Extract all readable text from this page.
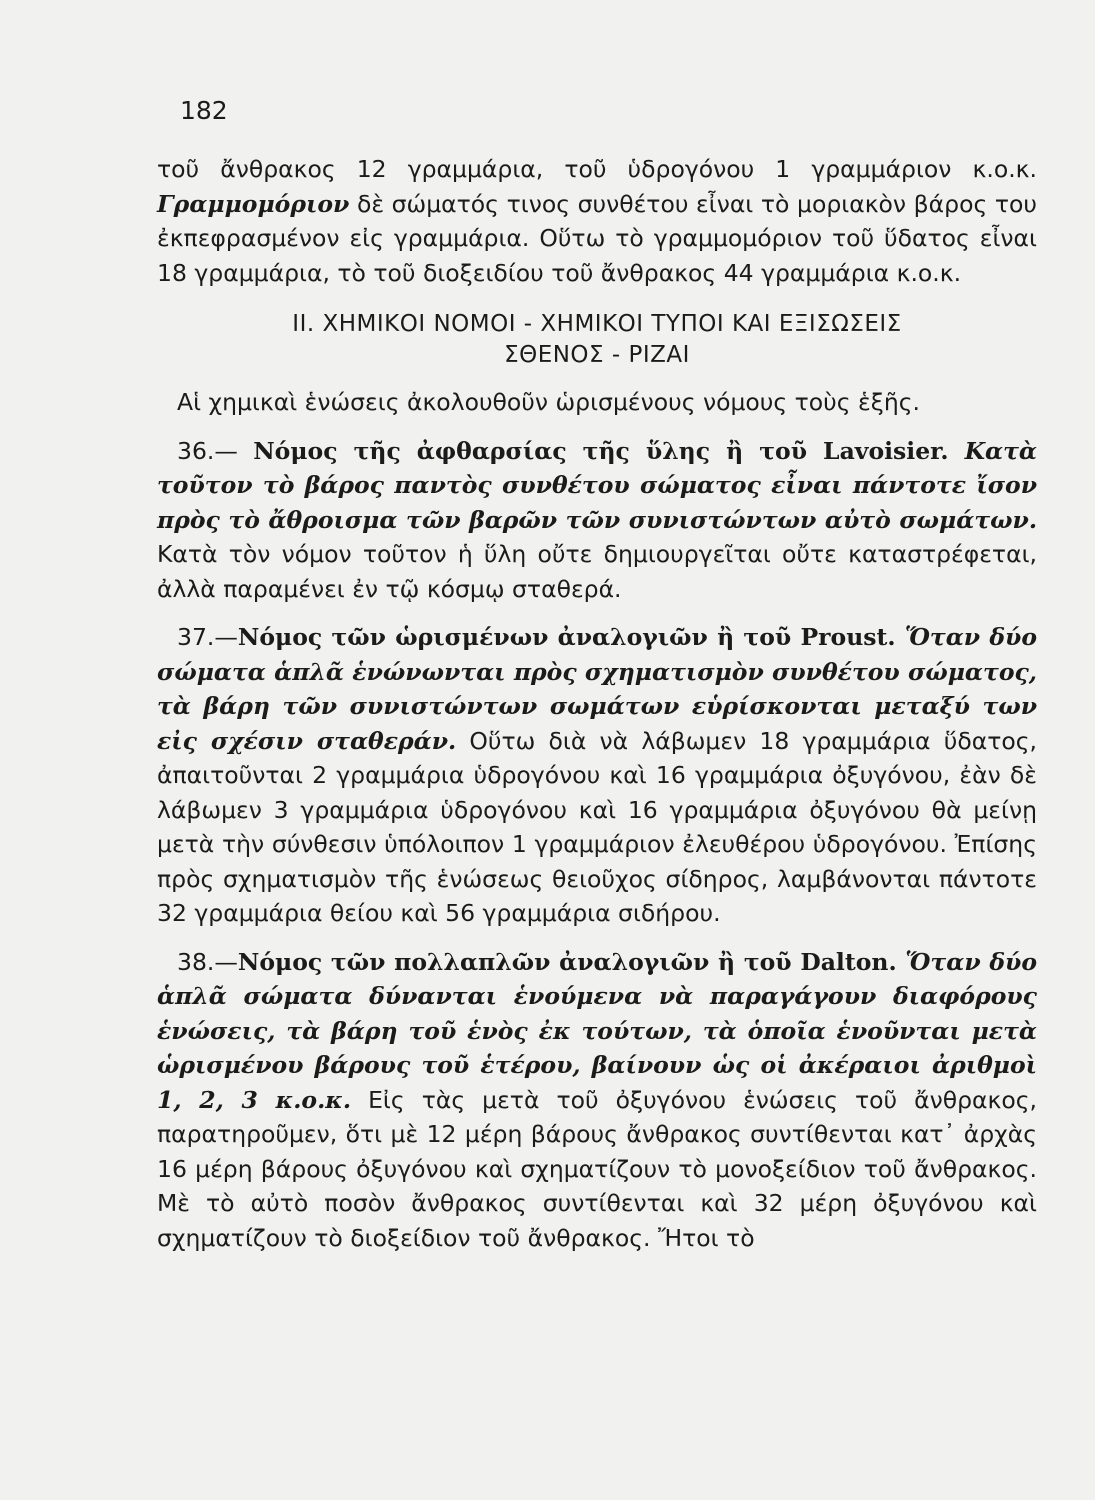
182

τοῦ ἄνθρακος 12 γραμμάρια, τοῦ ὑδρογόνου 1 γραμμάριον κ.ο.κ. Γραμμομόριον δὲ σώματός τινος συνθέτου εἶναι τὸ μοριακὸν βάρος του ἐκπεφρασμένον εἰς γραμμάρια. Οὕτω τὸ γραμμομόριον τοῦ ὕδατος εἶναι 18 γραμμάρια, τὸ τοῦ διοξειδίου τοῦ ἄνθρακος 44 γραμμάρια κ.ο.κ.

ΙΙ. ΧΗΜΙΚΟΙ ΝΟΜΟΙ - ΧΗΜΙΚΟΙ ΤΥΠΟΙ ΚΑΙ ΕΞΙΣΩΣΕΙΣ
ΣΘΕΝΟΣ - ΡΙΖΑΙ

Αἱ χημικαὶ ἑνώσεις ἀκολουθοῦν ὡρισμένους νόμους τοὺς ἑξῆς.

36.— Νόμος τῆς ἀφθαρσίας τῆς ὕλης ἢ τοῦ Lavoisier. Κατὰ τοῦτον τὸ βάρος παντὸς συνθέτου σώματος εἶναι πάντοτε ἴσον πρὸς τὸ ἄθροισμα τῶν βαρῶν τῶν συνιστώντων αὐτὸ σωμάτων. Κατὰ τὸν νόμον τοῦτον ἡ ὕλη οὔτε δημιουργεῖται οὔτε καταστρέφεται, ἀλλὰ παραμένει ἐν τῷ κόσμῳ σταθερά.

37.—Νόμος τῶν ὡρισμένων ἀναλογιῶν ἢ τοῦ Proust. Ὅταν δύο σώματα ἁπλᾶ ἑνώνωνται πρὸς σχηματισμὸν συνθέτου σώματος, τὰ βάρη τῶν συνιστώντων σωμάτων εὑρίσκονται μεταξύ των εἰς σχέσιν σταθεράν. Οὕτω διὰ νὰ λάβωμεν 18 γραμμάρια ὕδατος, ἀπαιτοῦνται 2 γραμμάρια ὑδρογόνου καὶ 16 γραμμάρια ὀξυγόνου, ἐὰν δὲ λάβωμεν 3 γραμμάρια ὑδρογόνου καὶ 16 γραμμάρια ὀξυγόνου θὰ μείνῃ μετὰ τὴν σύνθεσιν ὑπόλοιπον 1 γραμμάριον ἐλευθέρου ὑδρογόνου. Ἐπίσης πρὸς σχηματισμὸν τῆς ἑνώσεως θειοῦχος σίδηρος, λαμβάνονται πάντοτε 32 γραμμάρια θείου καὶ 56 γραμμάρια σιδήρου.

38.—Νόμος τῶν πολλαπλῶν ἀναλογιῶν ἢ τοῦ Dalton. Ὅταν δύο ἁπλᾶ σώματα δύνανται ἑνούμενα νὰ παραγάγουν διαφόρους ἑνώσεις, τὰ βάρη τοῦ ἑνὸς ἐκ τούτων, τὰ ὁποῖα ἑνοῦνται μετὰ ὡρισμένου βάρους τοῦ ἑτέρου, βαίνουν ὡς οἱ ἀκέραιοι ἀριθμοὶ 1, 2, 3 κ.ο.κ. Εἰς τὰς μετὰ τοῦ ὀξυγόνου ἑνώσεις τοῦ ἄνθρακος, παρατηροῦμεν, ὅτι μὲ 12 μέρη βάρους ἄνθρακος συντίθενται κατ᾽ ἀρχὰς 16 μέρη βάρους ὀξυγόνου καὶ σχηματίζουν τὸ μονοξείδιον τοῦ ἄνθρακος. Μὲ τὸ αὐτὸ ποσὸν ἄνθρακος συντίθενται καὶ 32 μέρη ὀξυγόνου καὶ σχηματίζουν τὸ διοξείδιον τοῦ ἄνθρακος. Ἤτοι τὸ
